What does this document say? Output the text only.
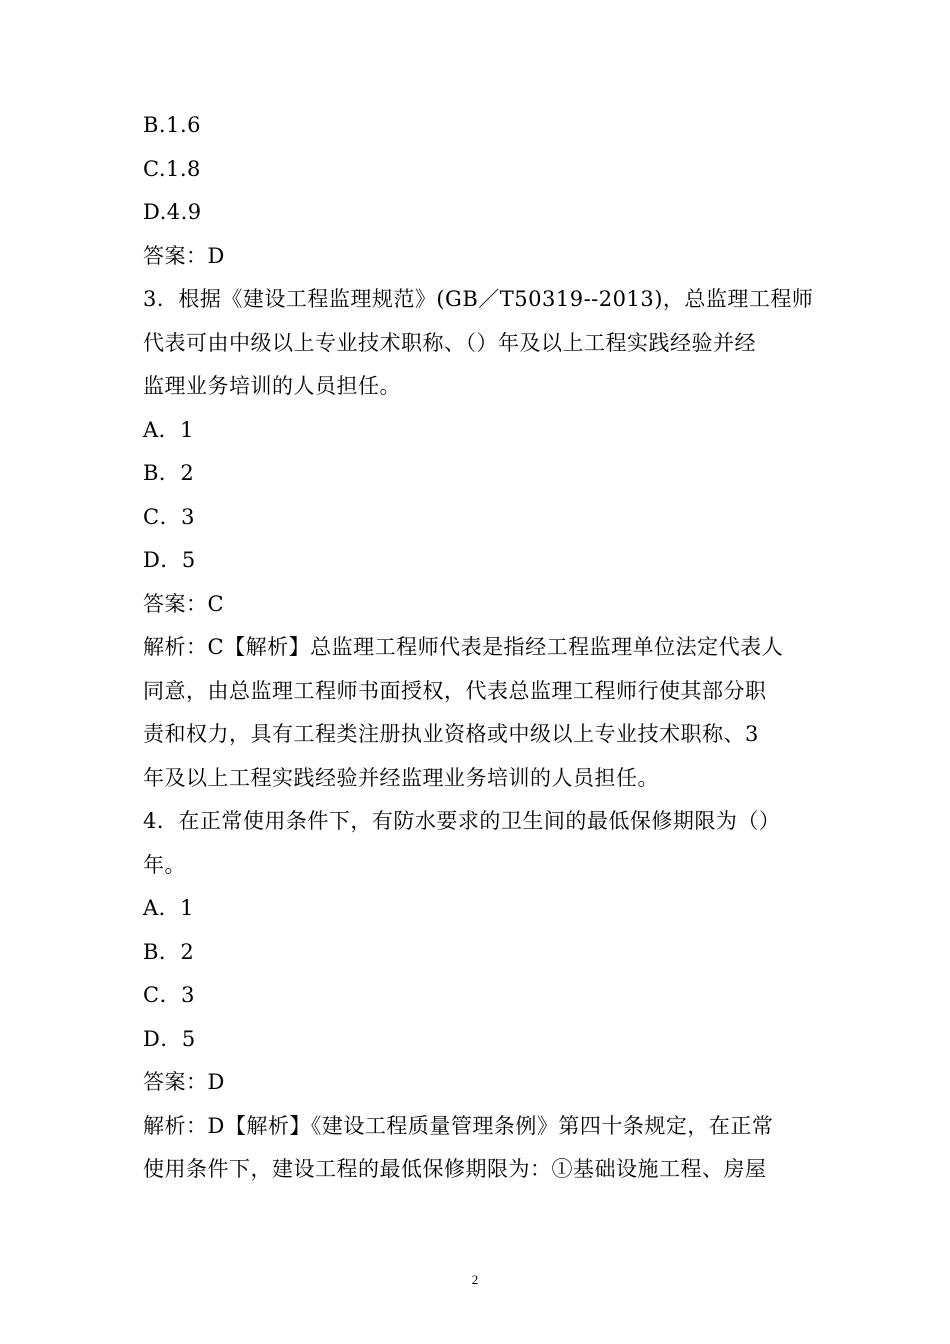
B.1.6
C.1.8
D.4.9
答案：D
3．根据《建设工程监理规范》(GB／T50319--2013)，总监理工程师
代表可由中级以上专业技术职称、（）年及以上工程实践经验并经
监理业务培训的人员担任。
A．1
B．2
C．3
D．5
答案：C
解析：C【解析】总监理工程师代表是指经工程监理单位法定代表人
同意，由总监理工程师书面授权，代表总监理工程师行使其部分职
责和权力，具有工程类注册执业资格或中级以上专业技术职称、3
年及以上工程实践经验并经监理业务培训的人员担任。
4．在正常使用条件下，有防水要求的卫生间的最低保修期限为（）
年。
A．1
B．2
C．3
D．5
答案：D
解析：D【解析】《建设工程质量管理条例》第四十条规定，在正常
使用条件下，建设工程的最低保修期限为：①基础设施工程、房屋
2
